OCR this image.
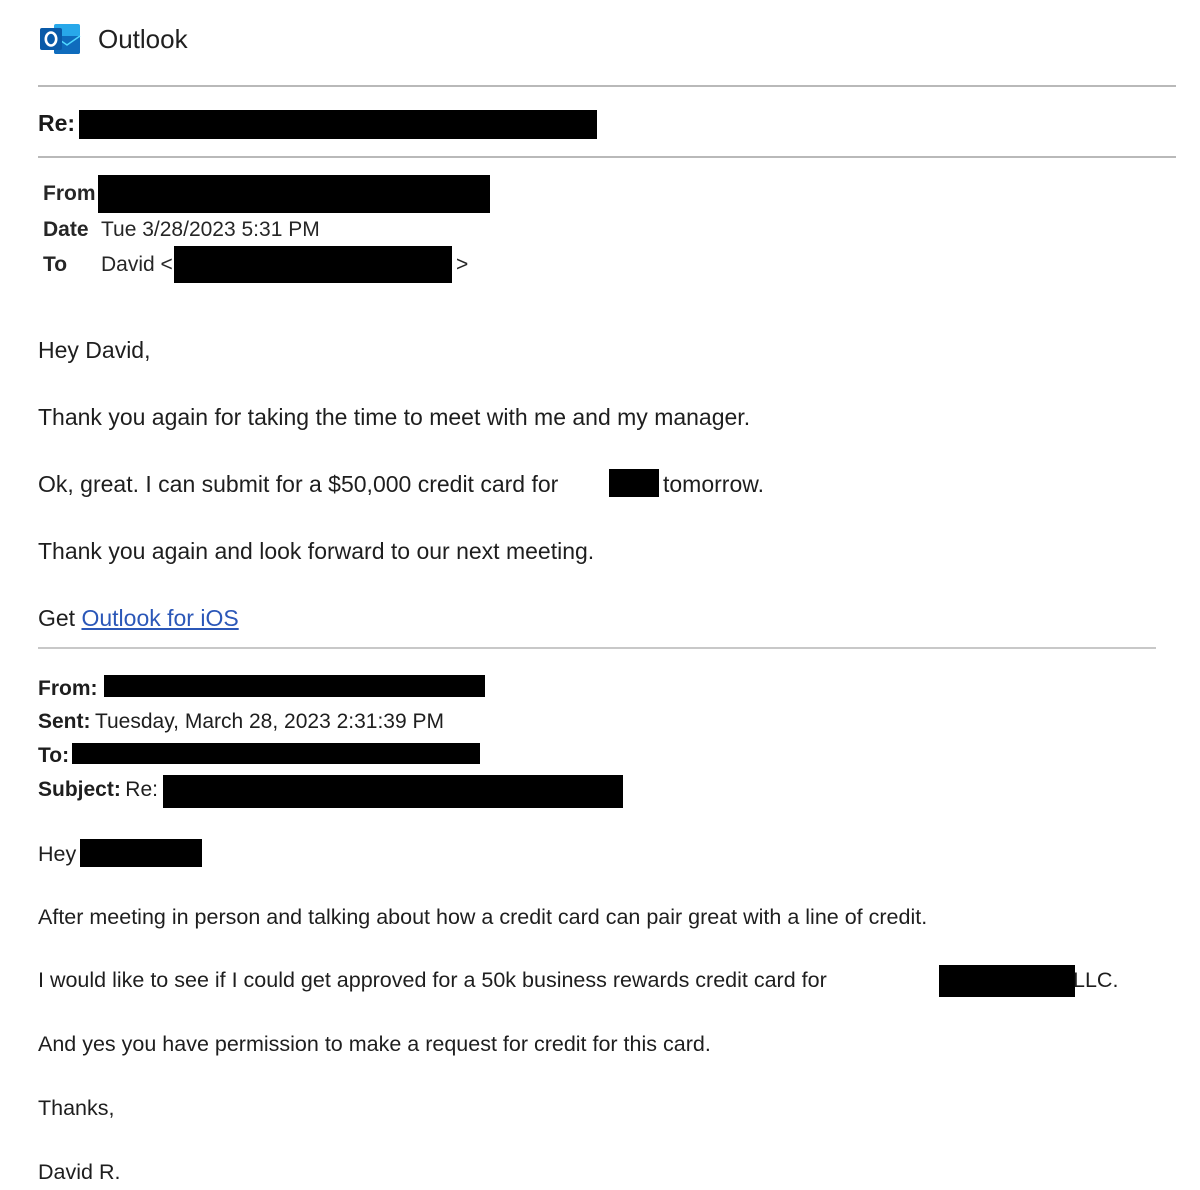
Outlook
Re:
From
Date Tue 3/28/2023 5:31 PM
To David <	>
Hey David,
Thank you again for taking the time to meet with me and my manager.
Ok, great. I can submit for a $50,000 credit card for	tomorrow.
Thank you again and look forward to our next meeting.
Get Outlook for iOS
From:
Sent: Tuesday, March 28, 2023 2:31:39 PM
To:
Subject: Re:
Hey
After meeting in person and talking about how a credit card can pair great with a line of credit.
I would like to see if I could get approved for a 50k business rewards credit card for	LLC.
And yes you have permission to make a request for credit for this card.
Thanks,
David R.
